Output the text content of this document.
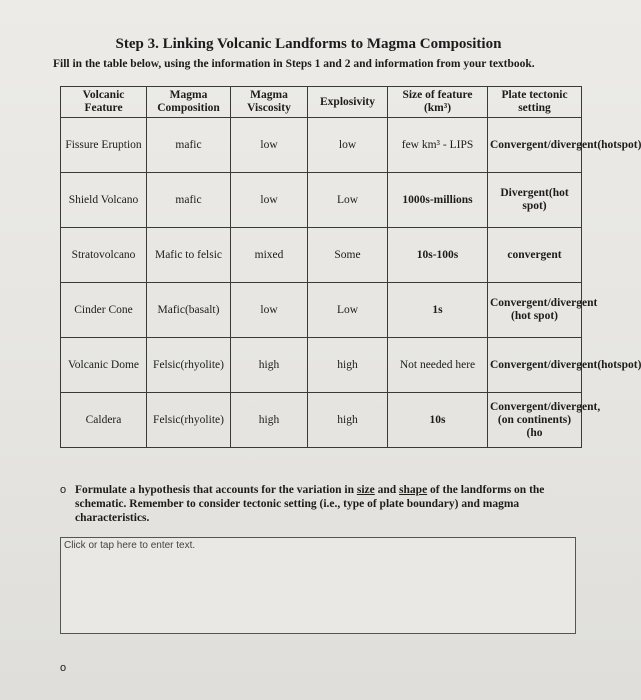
Step 3. Linking Volcanic Landforms to Magma Composition
Fill in the table below, using the information in Steps 1 and 2 and information from your textbook.
Volcanic Feature	Magma Composition	Magma Viscosity	Explosivity	Size of feature (km³)	Plate tectonic setting
Fissure Eruption	mafic	low	low	few km³ - LIPS	Convergent/divergent(hotspot)
Shield Volcano	mafic	low	Low	1000s-millions	Divergent(hot spot)
Stratovolcano	Mafic to felsic	mixed	Some	10s-100s	convergent
Cinder Cone	Mafic(basalt)	low	Low	1s	Convergent/divergent (hot spot)
Volcanic Dome	Felsic(rhyolite)	high	high	Not needed here	Convergent/divergent(hotspot)
Caldera	Felsic(rhyolite)	high	high	10s	Convergent/divergent, (on continents)(ho
o Formulate a hypothesis that accounts for the variation in size and shape of the landforms on the schematic. Remember to consider tectonic setting (i.e., type of plate boundary) and magma characteristics.
Click or tap here to enter text.
o
